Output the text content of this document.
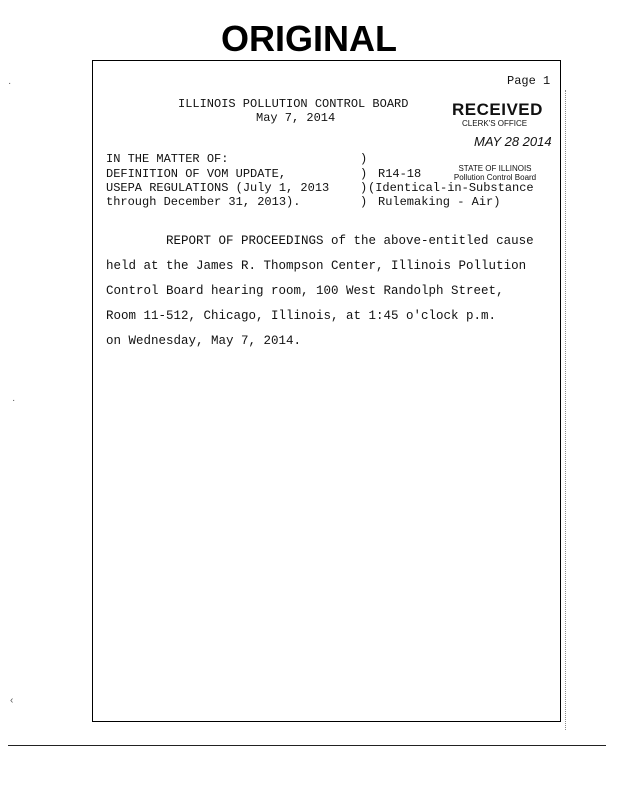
ORIGINAL
Page 1
ILLINOIS POLLUTION CONTROL BOARD
May 7, 2014	RECEIVED
CLERK'S OFFICE
MAY 28 2014
STATE OF ILLINOIS
Pollution Control Board
IN THE MATTER OF:
DEFINITION OF VOM UPDATE,
USEPA REGULATIONS (July 1, 2013
through December 31, 2013).
)
)
)
)
R14-18
(Identical-in-Substance
Rulemaking - Air)
REPORT OF PROCEEDINGS of the above-entitled cause
held at the James R. Thompson Center, Illinois Pollution
Control Board hearing room, 100 West Randolph Street,
Room 11-512, Chicago, Illinois, at 1:45 o'clock p.m.
on Wednesday, May 7, 2014.
·
·
‹
